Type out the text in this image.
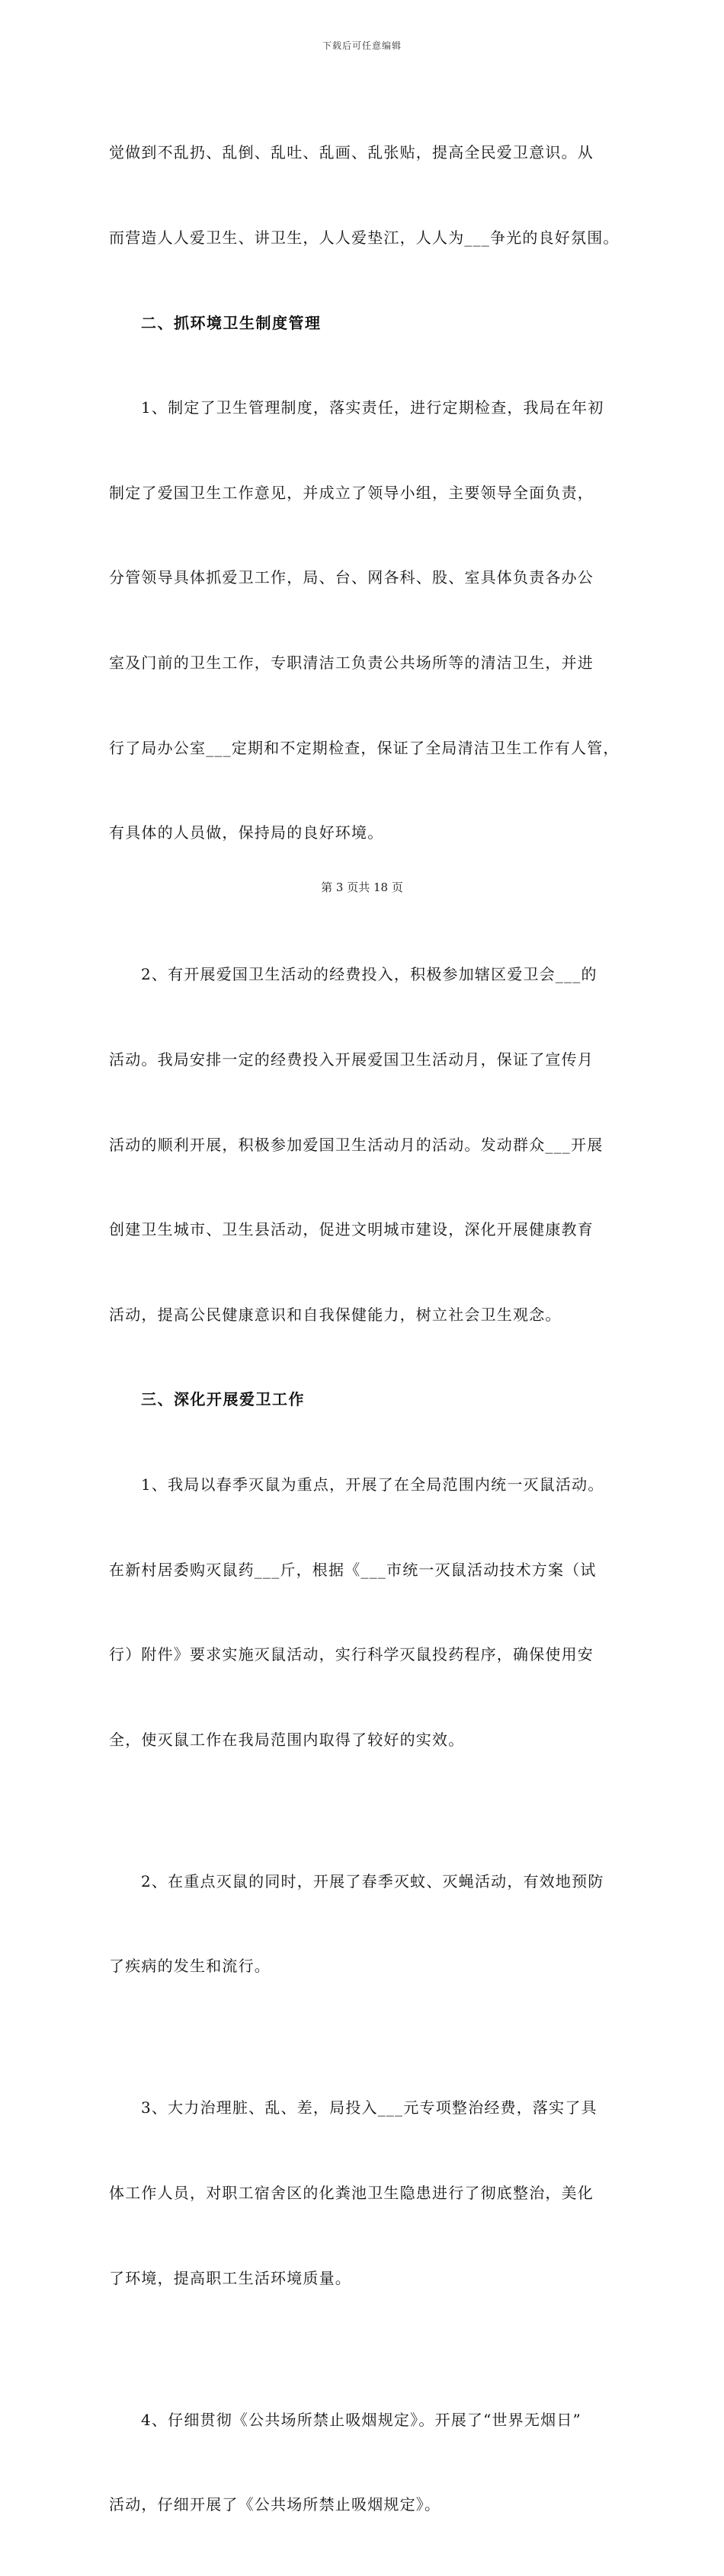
下载后可任意编辑

觉做到不乱扔、乱倒、乱吐、乱画、乱张贴，提高全民爱卫意识。从

而营造人人爱卫生、讲卫生，人人爱垫江，人人为___争光的良好氛围。

二、抓环境卫生制度管理

1、制定了卫生管理制度，落实责任，进行定期检查，我局在年初

制定了爱国卫生工作意见，并成立了领导小组，主要领导全面负责，

分管领导具体抓爱卫工作，局、台、网各科、股、室具体负责各办公

室及门前的卫生工作，专职清洁工负责公共场所等的清洁卫生，并进

行了局办公室___定期和不定期检查，保证了全局清洁卫生工作有人管，

有具体的人员做，保持局的良好环境。

2、有开展爱国卫生活动的经费投入，积极参加辖区爱卫会___的

活动。我局安排一定的经费投入开展爱国卫生活动月，保证了宣传月

活动的顺利开展，积极参加爱国卫生活动月的活动。发动群众___开展

创建卫生城市、卫生县活动，促进文明城市建设，深化开展健康教育

活动，提高公民健康意识和自我保健能力，树立社会卫生观念。

三、深化开展爱卫工作

1、我局以春季灭鼠为重点，开展了在全局范围内统一灭鼠活动。

在新村居委购灭鼠药___斤，根据《___市统一灭鼠活动技术方案（试

行）附件》要求实施灭鼠活动，实行科学灭鼠投药程序，确保使用安

全，使灭鼠工作在我局范围内取得了较好的实效。

2、在重点灭鼠的同时，开展了春季灭蚊、灭蝇活动，有效地预防

了疾病的发生和流行。

3、大力治理脏、乱、差，局投入___元专项整治经费，落实了具

体工作人员，对职工宿舍区的化粪池卫生隐患进行了彻底整治，美化

了环境，提高职工生活环境质量。

4、仔细贯彻《公共场所禁止吸烟规定》。开展了“世界无烟日”

活动，仔细开展了《公共场所禁止吸烟规定》。

第 3 页共 18 页
